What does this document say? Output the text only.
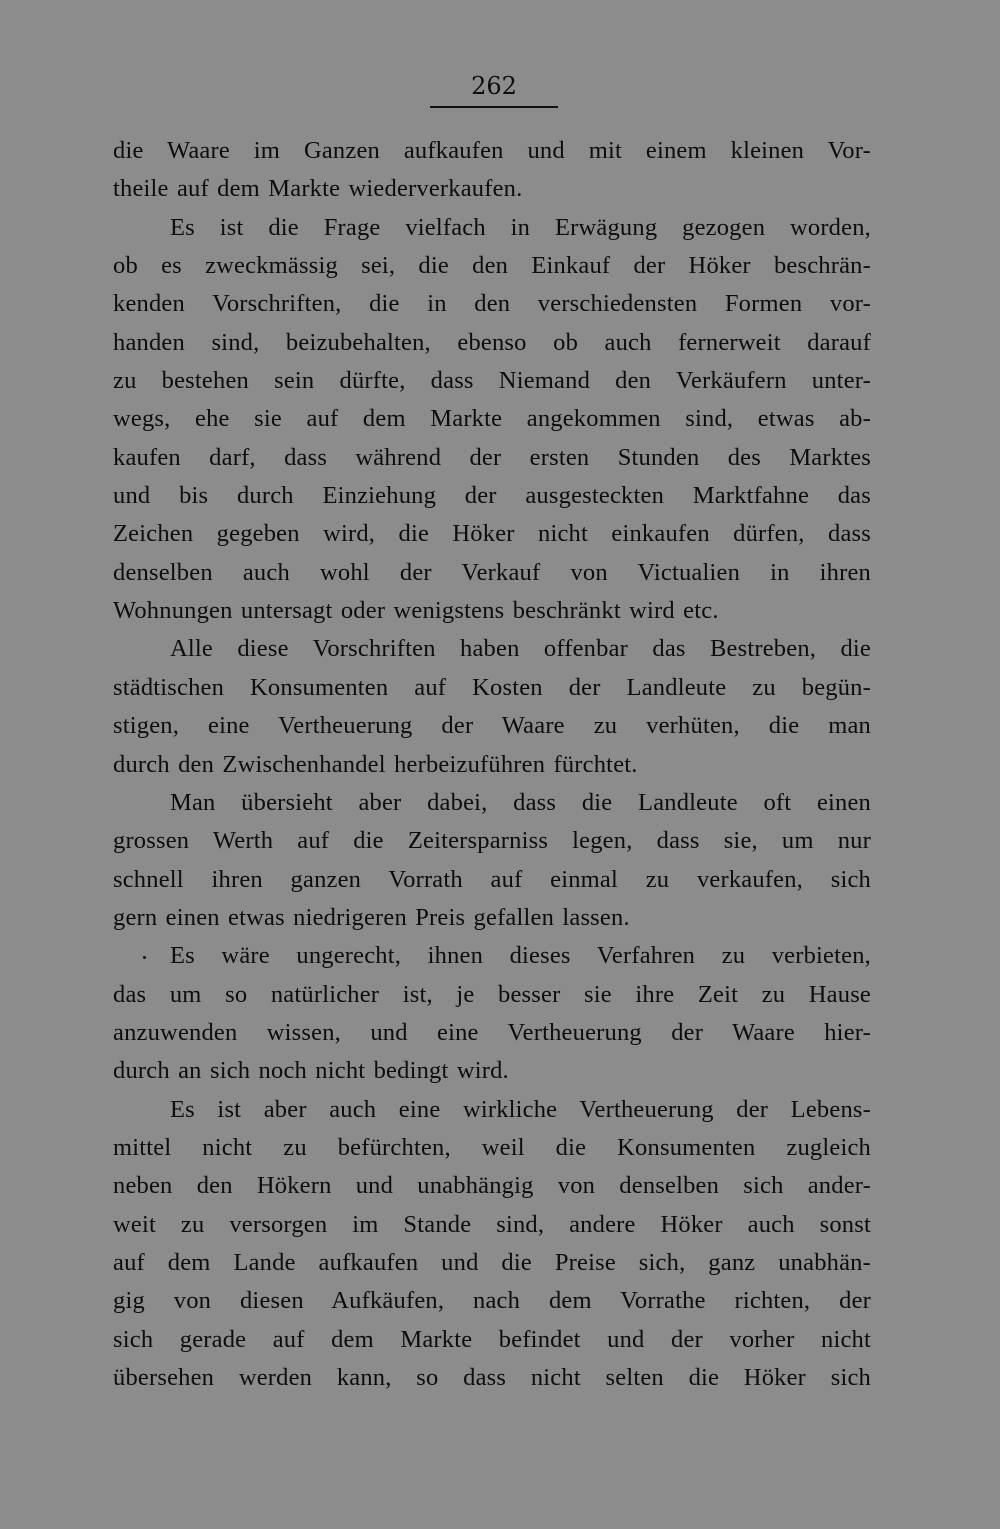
262
die Waare im Ganzen aufkaufen und mit einem kleinen Vor-
theile auf dem Markte wiederverkaufen.
Es ist die Frage vielfach in Erwägung gezogen worden,
ob es zweckmässig sei, die den Einkauf der Höker beschrän-
kenden Vorschriften, die in den verschiedensten Formen vor-
handen sind, beizubehalten, ebenso ob auch fernerweit darauf
zu bestehen sein dürfte, dass Niemand den Verkäufern unter-
wegs, ehe sie auf dem Markte angekommen sind, etwas ab-
kaufen darf, dass während der ersten Stunden des Marktes
und bis durch Einziehung der ausgesteckten Marktfahne das
Zeichen gegeben wird, die Höker nicht einkaufen dürfen, dass
denselben auch wohl der Verkauf von Victualien in ihren
Wohnungen untersagt oder wenigstens beschränkt wird etc.
Alle diese Vorschriften haben offenbar das Bestreben, die
städtischen Konsumenten auf Kosten der Landleute zu begün-
stigen, eine Vertheuerung der Waare zu verhüten, die man
durch den Zwischenhandel herbeizuführen fürchtet.
Man übersieht aber dabei, dass die Landleute oft einen
grossen Werth auf die Zeitersparniss legen, dass sie, um nur
schnell ihren ganzen Vorrath auf einmal zu verkaufen, sich
gern einen etwas niedrigeren Preis gefallen lassen.
Es wäre ungerecht, ihnen dieses Verfahren zu verbieten,
das um so natürlicher ist, je besser sie ihre Zeit zu Hause
anzuwenden wissen, und eine Vertheuerung der Waare hier-
durch an sich noch nicht bedingt wird.
Es ist aber auch eine wirkliche Vertheuerung der Lebens-
mittel nicht zu befürchten, weil die Konsumenten zugleich
neben den Hökern und unabhängig von denselben sich ander-
weit zu versorgen im Stande sind, andere Höker auch sonst
auf dem Lande aufkaufen und die Preise sich, ganz unabhän-
gig von diesen Aufkäufen, nach dem Vorrathe richten, der
sich gerade auf dem Markte befindet und der vorher nicht
übersehen werden kann, so dass nicht selten die Höker sich
